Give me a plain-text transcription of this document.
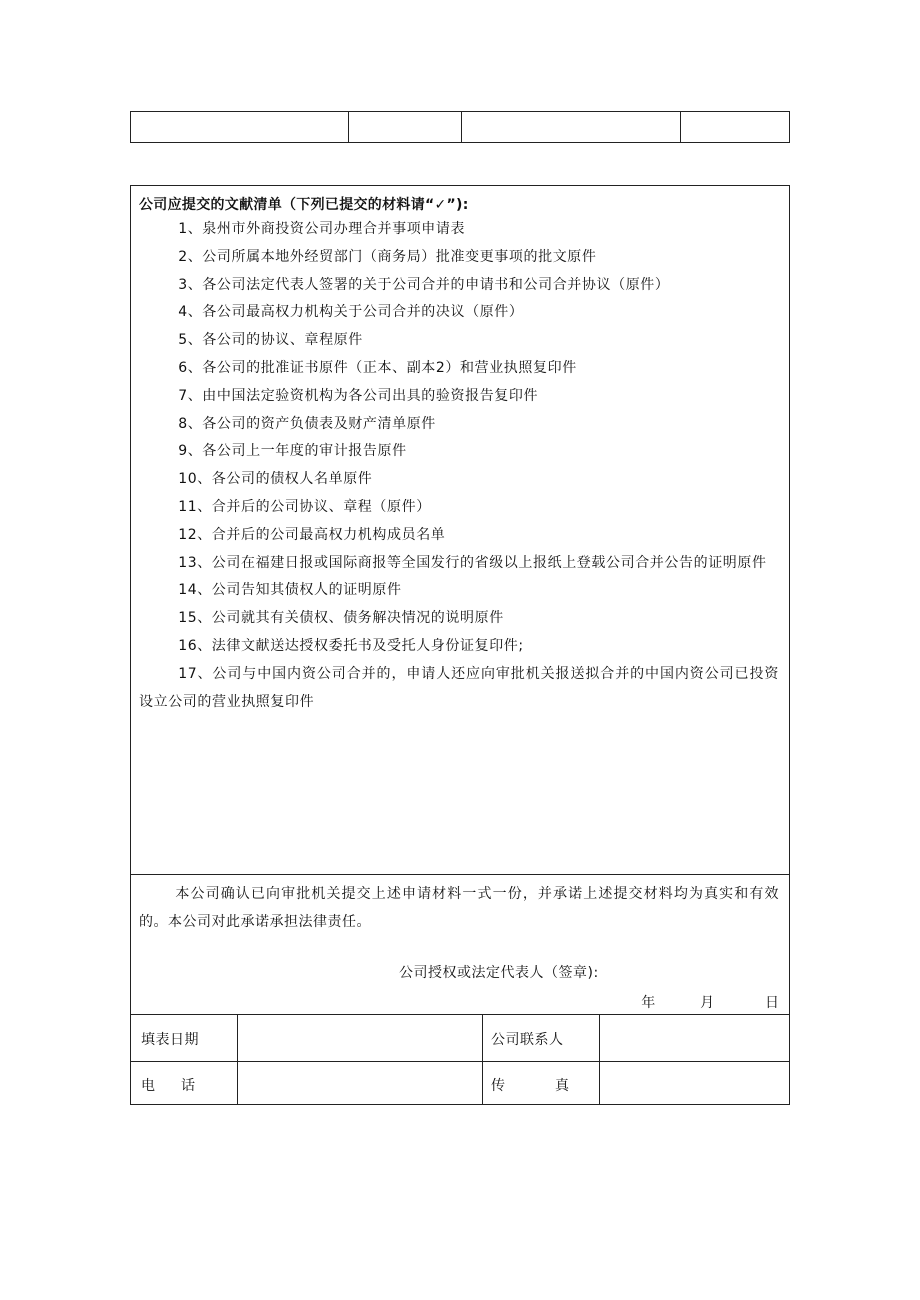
公司应提交的文献清单（下列已提交的材料请“✓”):
1、泉州市外商投资公司办理合并事项申请表
2、公司所属本地外经贸部门（商务局）批准变更事项的批文原件
3、各公司法定代表人签署的关于公司合并的申请书和公司合并协议（原件）
4、各公司最高权力机构关于公司合并的决议（原件）
5、各公司的协议、章程原件
6、各公司的批准证书原件（正本、副本2）和营业执照复印件
7、由中国法定验资机构为各公司出具的验资报告复印件
8、各公司的资产负债表及财产清单原件
9、各公司上一年度的审计报告原件
10、各公司的债权人名单原件
11、合并后的公司协议、章程（原件）
12、合并后的公司最高权力机构成员名单
13、公司在福建日报或国际商报等全国发行的省级以上报纸上登载公司合并公告的证明原件
14、公司告知其债权人的证明原件
15、公司就其有关债权、债务解决情况的说明原件
16、法律文献送达授权委托书及受托人身份证复印件;
17、公司与中国内资公司合并的，申请人还应向审批机关报送拟合并的中国内资公司已投资设立公司的营业执照复印件
本公司确认已向审批机关提交上述申请材料一式一份，并承诺上述提交材料均为真实和有效的。本公司对此承诺承担法律责任。
公司授权或法定代表人（签章):
年	月	日
填表日期	公司联系人
电话	传真
